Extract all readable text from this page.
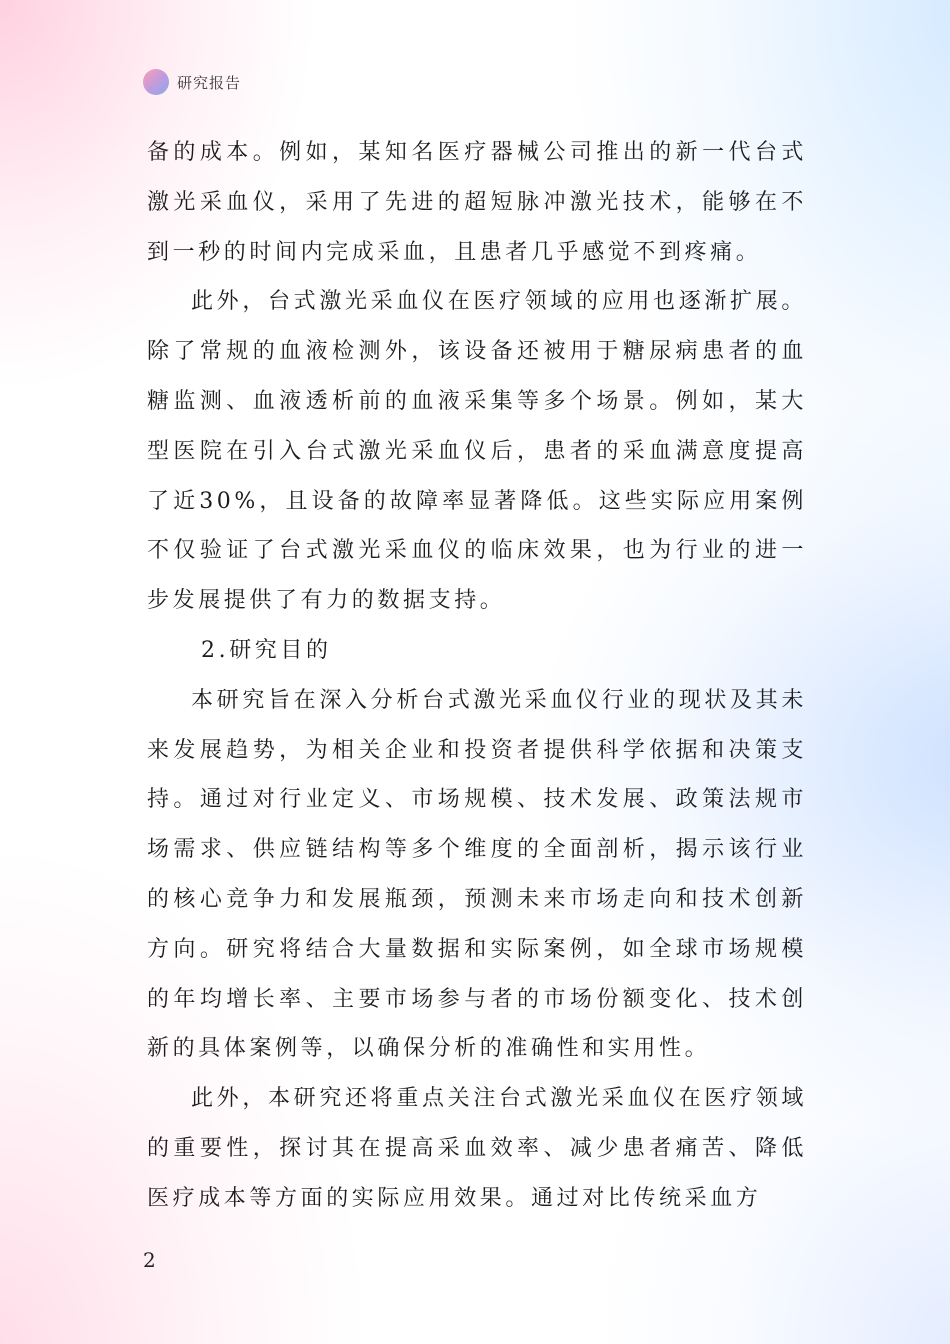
研究报告

备的成本。例如，某知名医疗器械公司推出的新一代台式激光采血仪，采用了先进的超短脉冲激光技术，能够在不到一秒的时间内完成采血，且患者几乎感觉不到疼痛。

此外，台式激光采血仪在医疗领域的应用也逐渐扩展。除了常规的血液检测外，该设备还被用于糖尿病患者的血糖监测、血液透析前的血液采集等多个场景。例如，某大型医院在引入台式激光采血仪后，患者的采血满意度提高了近30%，且设备的故障率显著降低。这些实际应用案例不仅验证了台式激光采血仪的临床效果，也为行业的进一步发展提供了有力的数据支持。

2.研究目的

本研究旨在深入分析台式激光采血仪行业的现状及其未来发展趋势，为相关企业和投资者提供科学依据和决策支持。通过对行业定义、市场规模、技术发展、政策法规市场需求、供应链结构等多个维度的全面剖析，揭示该行业的核心竞争力和发展瓶颈，预测未来市场走向和技术创新方向。研究将结合大量数据和实际案例，如全球市场规模的年均增长率、主要市场参与者的市场份额变化、技术创新的具体案例等，以确保分析的准确性和实用性。

此外，本研究还将重点关注台式激光采血仪在医疗领域的重要性，探讨其在提高采血效率、减少患者痛苦、降低医疗成本等方面的实际应用效果。通过对比传统采血方

2
